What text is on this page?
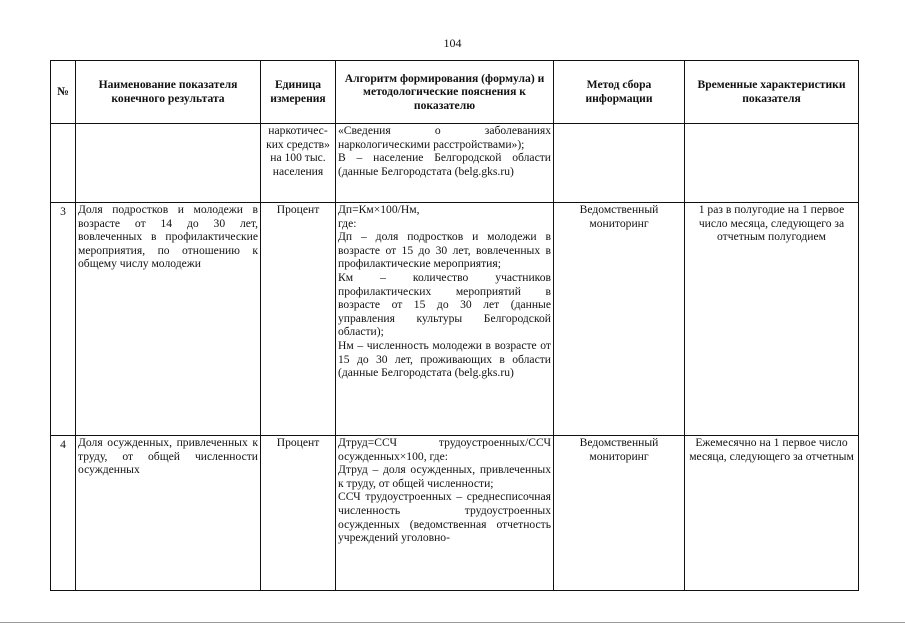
104
№	Наименование показателя конечного результата	Единица измерения	Алгоритм формирования (формула) и методологические пояснения к показателю	Метод сбора информации	Временные характеристики показателя
		наркотичес-ких средств» на 100 тыс. населения	«Сведения о заболеваниях наркологическими расстройствами»);
В – население Белгородской области (данные Белгородстата (belg.gks.ru)		

3	Доля подростков и молодежи в возрасте от 14 до 30 лет, вовлеченных в профилактические мероприятия, по отношению к общему числу молодежи	Процент	Дп=Км×100/Нм,
где:
Дп – доля подростков и молодежи в возрасте от 15 до 30 лет, вовлеченных в профилактические мероприятия;
Км – количество участников профилактических мероприятий в возрасте от 15 до 30 лет (данные управления культуры Белгородской области);
Нм – численность молодежи в возрасте от 15 до 30 лет, проживающих в области (данные Белгородстата (belg.gks.ru)	Ведомственный мониторинг	1 раз в полугодие на 1 первое число месяца, следующего за отчетным полугодием
4	Доля осужденных, привлеченных к труду, от общей численности осужденных	Процент	Дтруд=ССЧ трудоустроенных/ССЧ осужденных×100, где:
Дтруд – доля осужденных, привлеченных к труду, от общей численности;
ССЧ трудоустроенных – среднесписочная численность трудоустроенных осужденных (ведомственная отчетность учреждений уголовно-	Ведомственный мониторинг	Ежемесячно на 1 первое число месяца, следующего за отчетным
